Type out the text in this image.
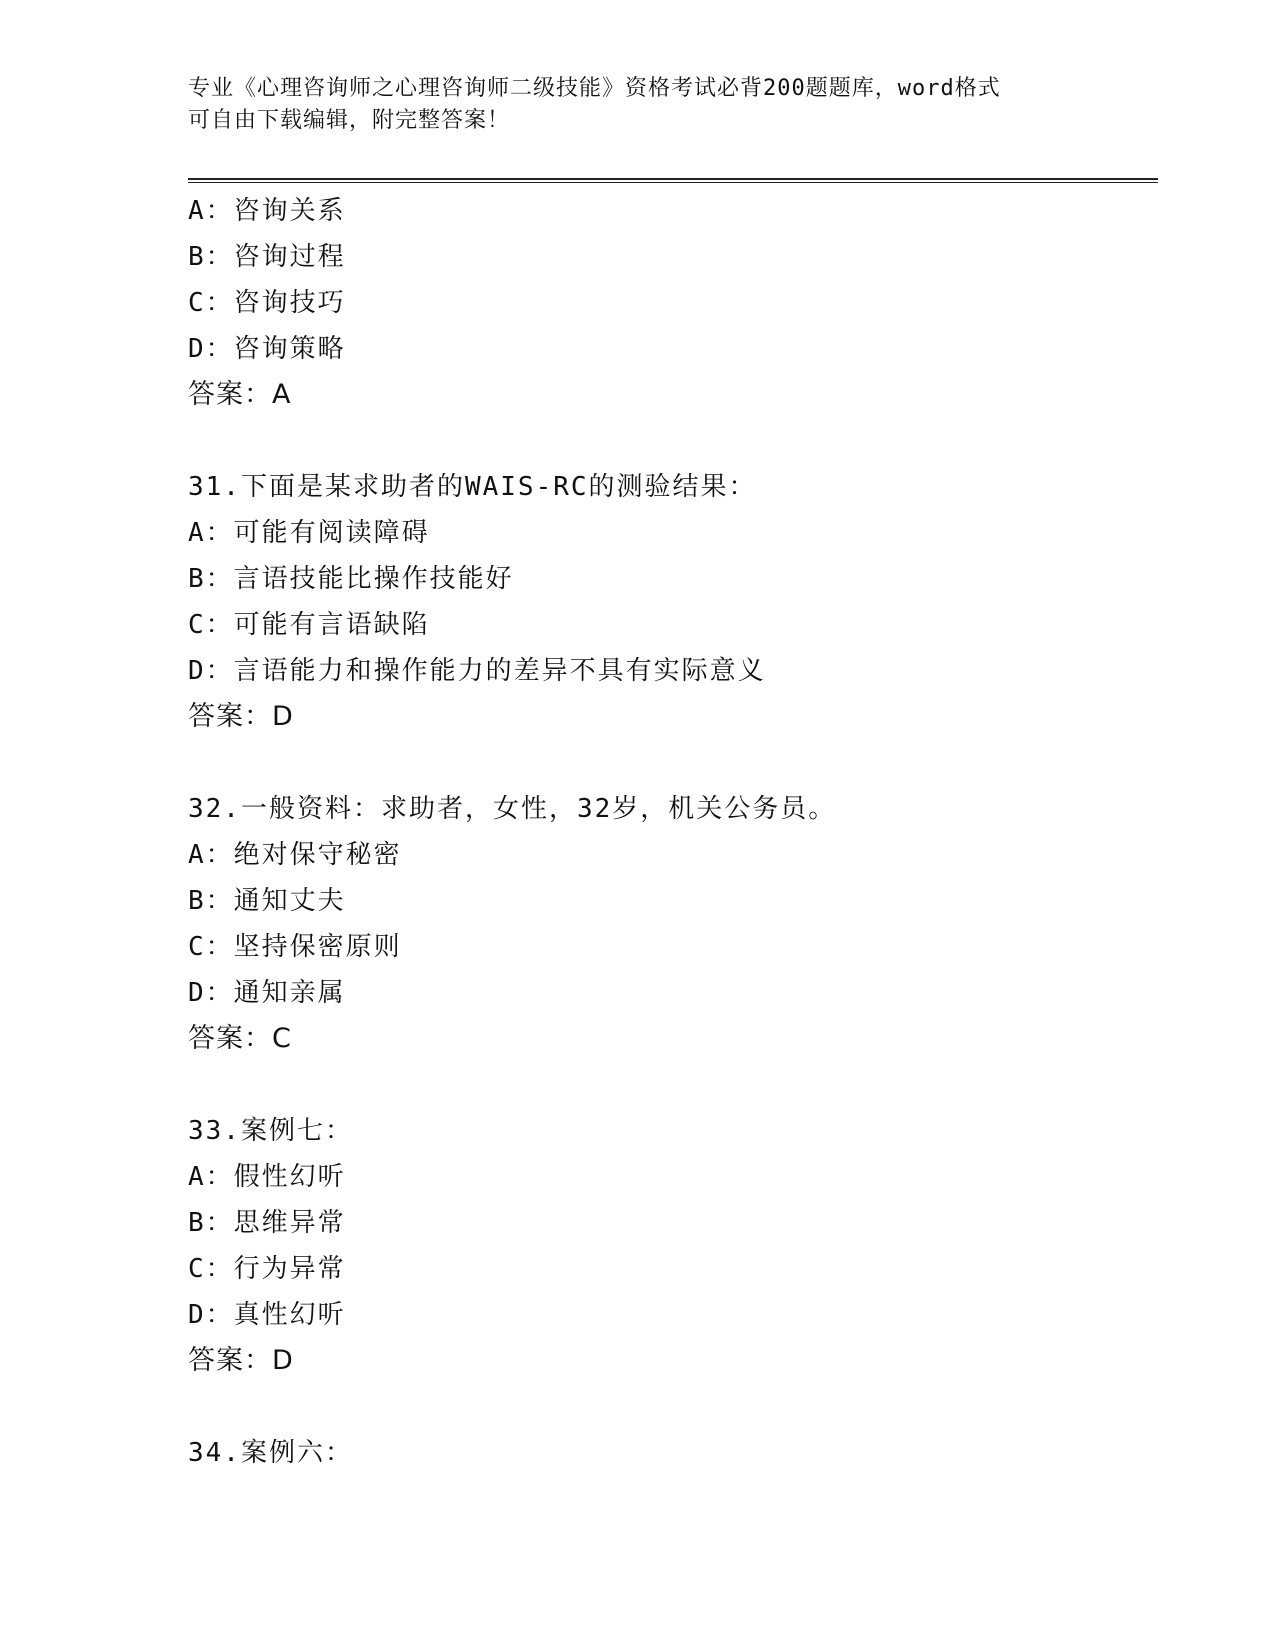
专业《心理咨询师之心理咨询师二级技能》资格考试必背200题题库，word格式
可自由下载编辑，附完整答案！
A：咨询关系
B：咨询过程
C：咨询技巧
D：咨询策略
答案：A
31.下面是某求助者的WAIS-RC的测验结果：
A：可能有阅读障碍
B：言语技能比操作技能好
C：可能有言语缺陷
D：言语能力和操作能力的差异不具有实际意义
答案：D
32.一般资料：求助者，女性，32岁，机关公务员。
A：绝对保守秘密
B：通知丈夫
C：坚持保密原则
D：通知亲属
答案：C
33.案例七：
A：假性幻听
B：思维异常
C：行为异常
D：真性幻听
答案：D
34.案例六：
